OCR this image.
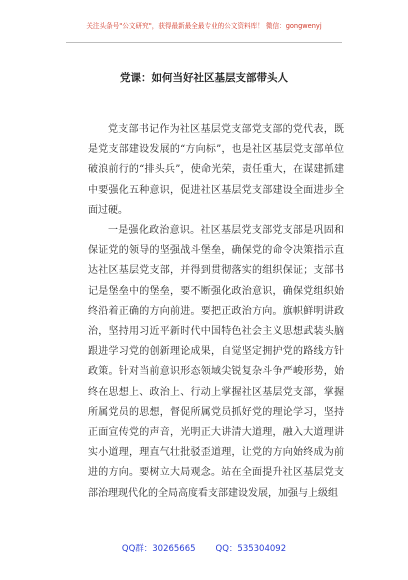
关注头条号"公文研究"，获得最新最全最专业的公文资料库！ 微信：gongwenyj
党课：如何当好社区基层支部带头人

党支部书记作为社区基层党支部党支部的党代表，既是党支部建设发展的“方向标”，也是社区基层党支部单位破浪前行的“排头兵”，使命光荣，责任重大，在谋建抓建中要强化五种意识，促进社区基层党支部建设全面进步全面过硬。

一是强化政治意识。社区基层党支部党支部是巩固和保证党的领导的坚强战斗堡垒，确保党的命令决策指示直达社区基层党支部，并得到贯彻落实的组织保证；支部书记是堡垒中的堡垒，要不断强化政治意识，确保党组织始终沿着正确的方向前进。要把正政治方向。旗帜鲜明讲政治，坚持用习近平新时代中国特色社会主义思想武装头脑跟进学习党的创新理论成果，自觉坚定拥护党的路线方针政策。针对当前意识形态领域尖锐复杂斗争严峻形势，始终在思想上、政治上、行动上掌握社区基层党支部，掌握所属党员的思想，督促所属党员抓好党的理论学习，坚持正面宣传党的声音，光明正大讲清大道理，融入大道理讲实小道理，理直气壮批驳歪道理，让党的方向始终成为前进的方向。要树立大局观念。站在全面提升社区基层党支部治理现代化的全局高度看支部建设发展，加强与上级组

QQ群：30265665 QQ：535304092
